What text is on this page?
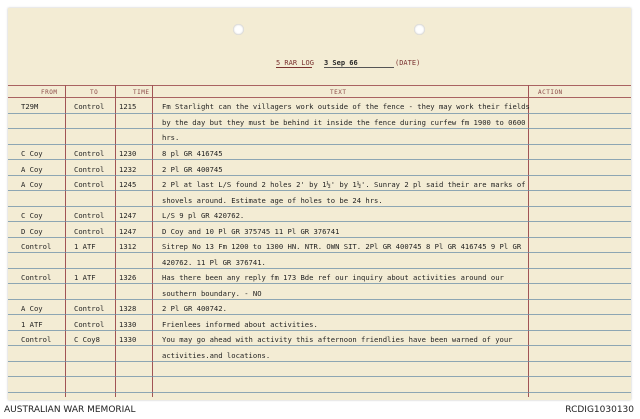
5 RAR LOG 3 Sep 66	(DATE)
FROM	TO	TIME	TEXT	ACTION
T29M	Control 1215	Fm Starlight can the villagers work outside of the fence - they may work their fields by the day but they must be behind it inside the fence during curfew fm 1900 to 0600 hrs.
C Coy	Control 1230	8 pl GR 416745
A Coy	Control 1232	2 Pl GR 400745
A Coy	Control 1245	2 Pl at last L/S found 2 holes 2' by 1½' by 1½'. Sunray 2 pl said their are marks of shovels around. Estimate age of holes to be 24 hrs.
C Coy	Control 1247	L/S 9 pl GR 420762.
D Coy	Control 1247	D Coy and 10 Pl GR 375745 11 Pl GR 376741
Control	1 ATF	1312	Sitrep No 13 Fm 1200 to 1300 HN. NTR. OWN SIT. 2Pl GR 400745 8 Pl GR 416745 9 Pl GR 420762. 11 Pl GR 376741.
Control	1 ATF	1326	Has there been any reply fm 173 Bde ref our inquiry about activities around our southern boundary. - NO
A Coy	Control 1328	2 Pl GR 400742.
1 ATF	Control 1330	Frienlees informed about activities.
Control	C Coy8	1330	You may go ahead with activity this afternoon friendlies have been warned of your activities.and locations.
AUSTRALIAN WAR MEMORIAL	RCDIG1030130
